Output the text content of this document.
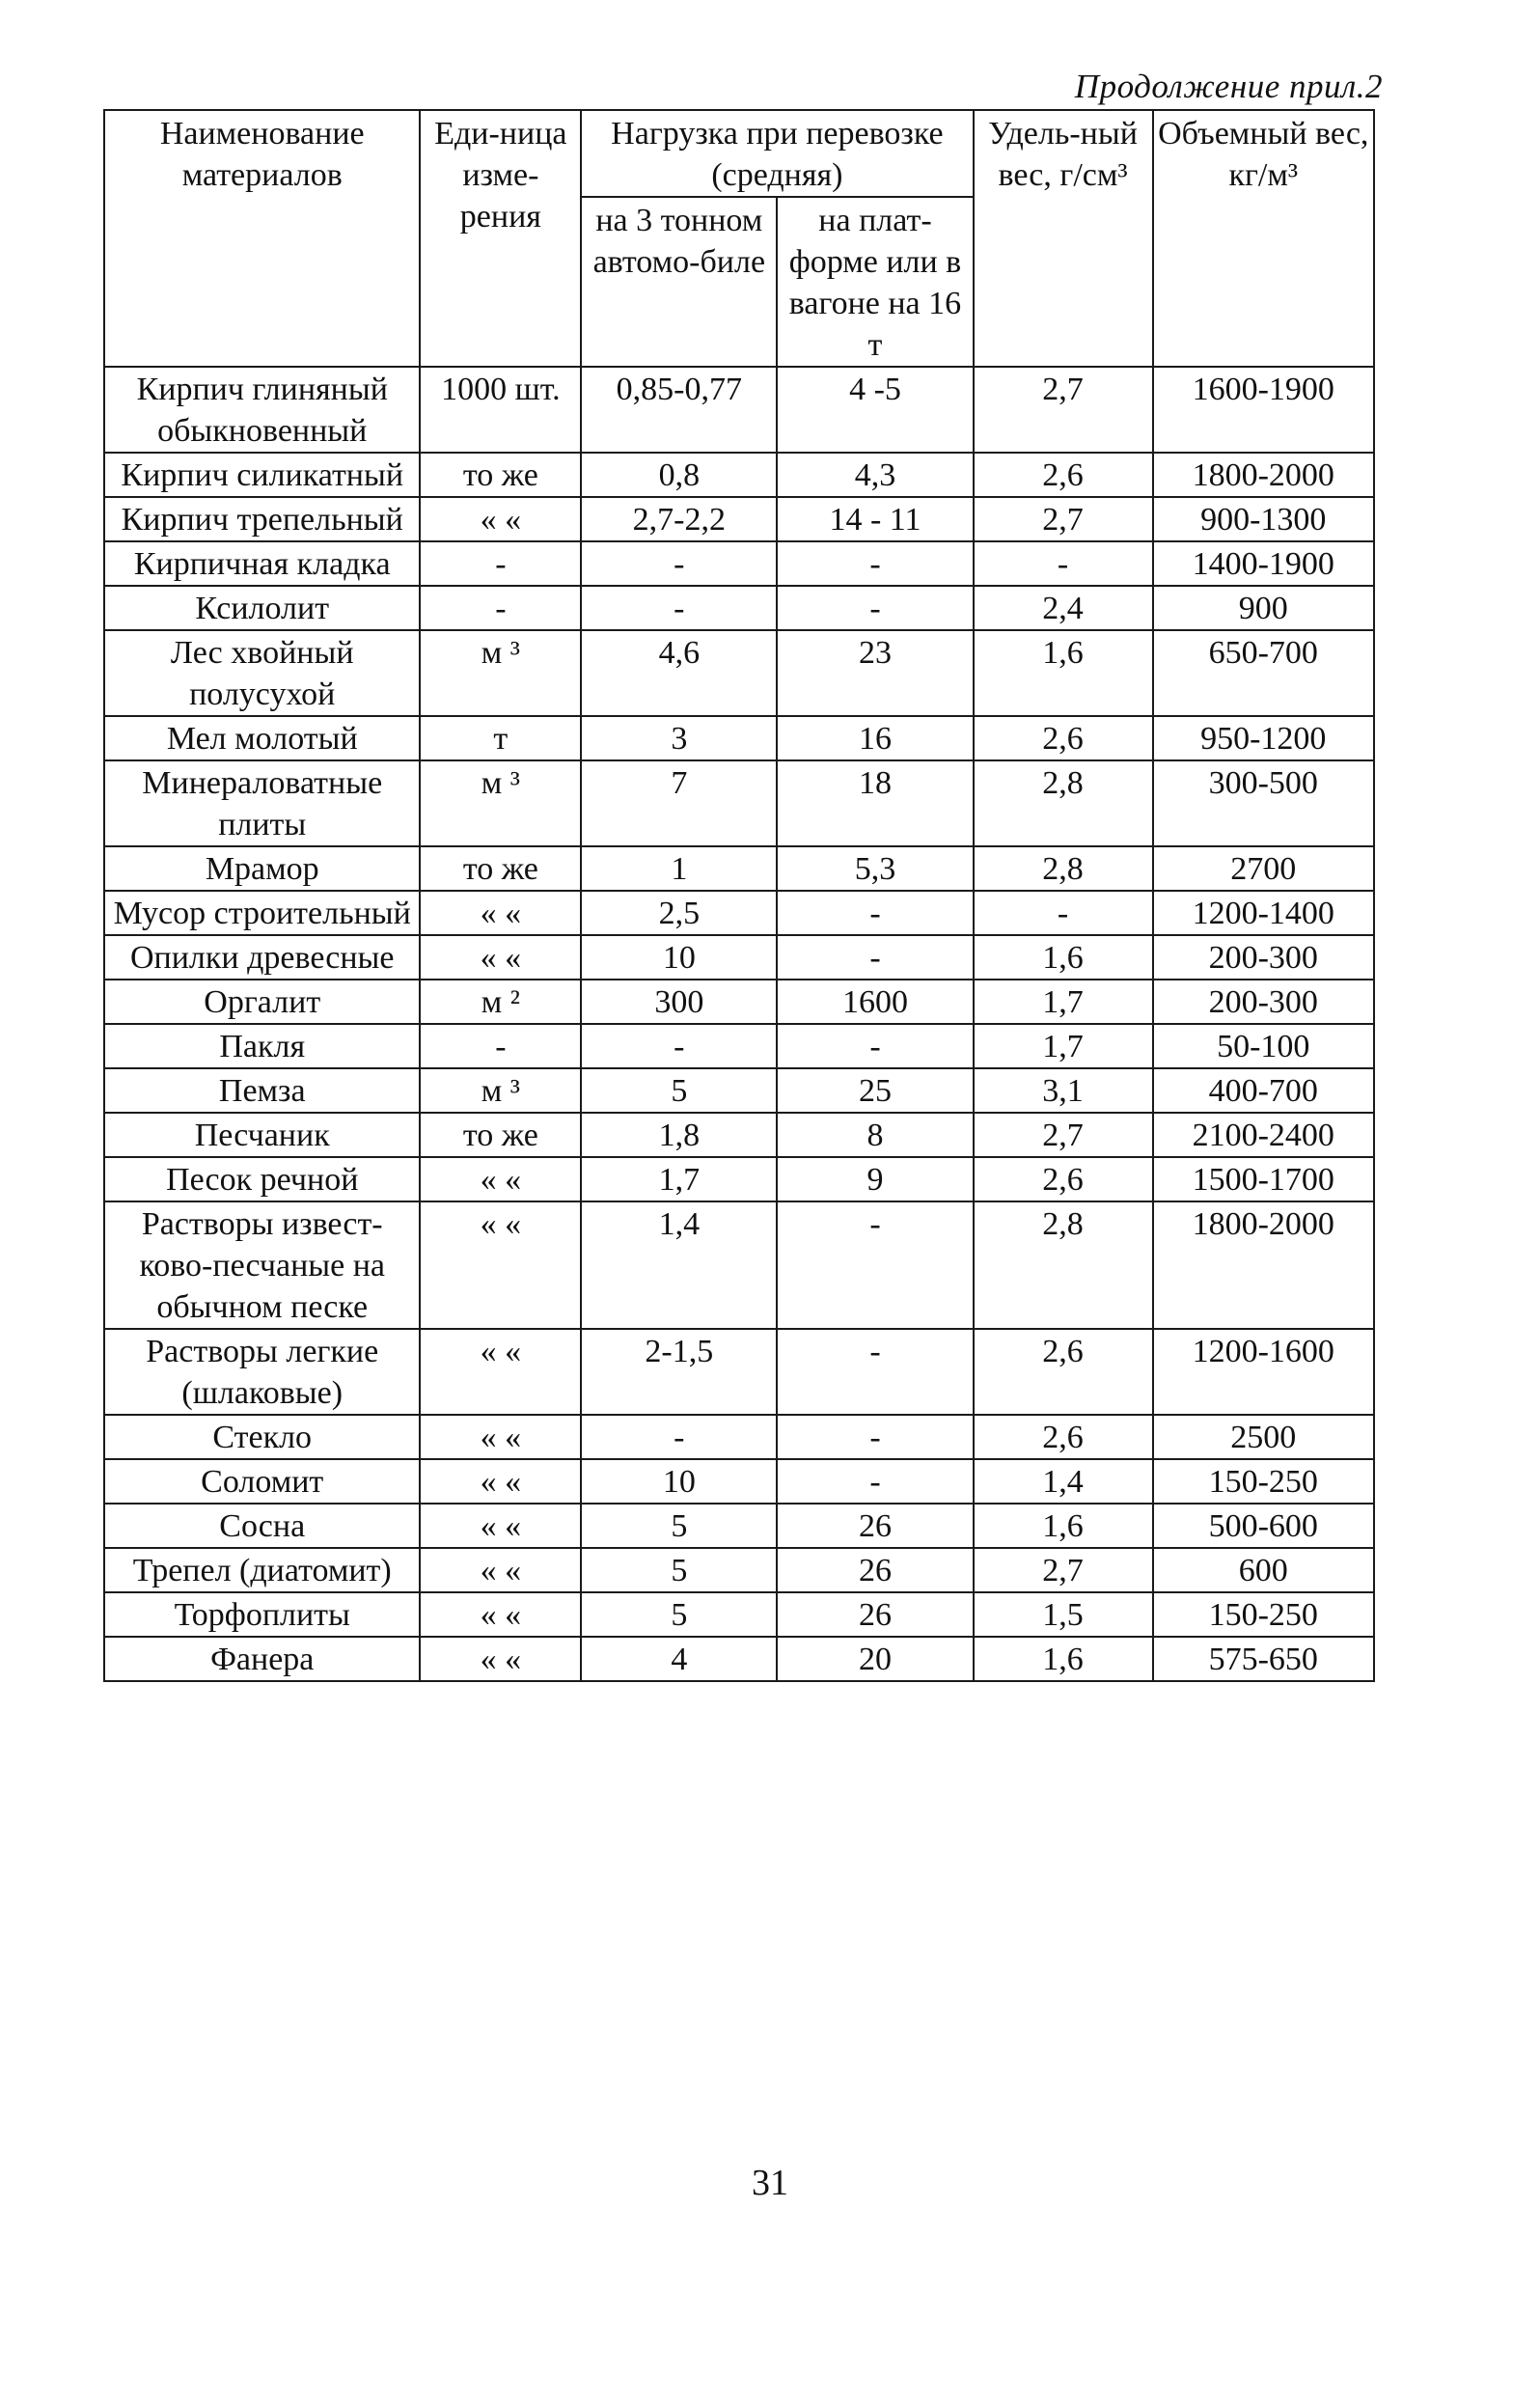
Продолжение прил.2
Наименование материалов	Еди-ница изме-рения	Нагрузка при перевозке (средняя)		Удель-ный вес, г/см³	Объемный вес, кг/м³
		на 3 тонном автомо-биле	на плат-форме или в вагоне на 16 т		
Кирпич глиняный обыкновенный	1000 шт.	0,85-0,77	4 -5	2,7	1600-1900
Кирпич силикатный	то же	0,8	4,3	2,6	1800-2000
Кирпич трепельный	« «	2,7-2,2	14 - 11	2,7	900-1300
Кирпичная кладка	-	-	-	-	1400-1900
Ксилолит	-	-	-	2,4	900
Лес хвойный полусухой	м ³	4,6	23	1,6	650-700
Мел молотый	т	3	16	2,6	950-1200
Минераловатные плиты	м ³	7	18	2,8	300-500
Мрамор	то же	1	5,3	2,8	2700
Мусор строительный	« «	2,5	-	-	1200-1400
Опилки древесные	« «	10	-	1,6	200-300
Оргалит	м ²	300	1600	1,7	200-300
Пакля	-	-	-	1,7	50-100
Пемза	м ³	5	25	3,1	400-700
Песчаник	то же	1,8	8	2,7	2100-2400
Песок речной	« «	1,7	9	2,6	1500-1700
Растворы извест-ково-песчаные на обычном песке	« «	1,4	-	2,8	1800-2000
Растворы легкие (шлаковые)	« «	2-1,5	-	2,6	1200-1600
Стекло	« «	-	-	2,6	2500
Соломит	« «	10	-	1,4	150-250
Сосна	« «	5	26	1,6	500-600
Трепел (диатомит)	« «	5	26	2,7	600
Торфоплиты	« «	5	26	1,5	150-250
Фанера	« «	4	20	1,6	575-650
31
